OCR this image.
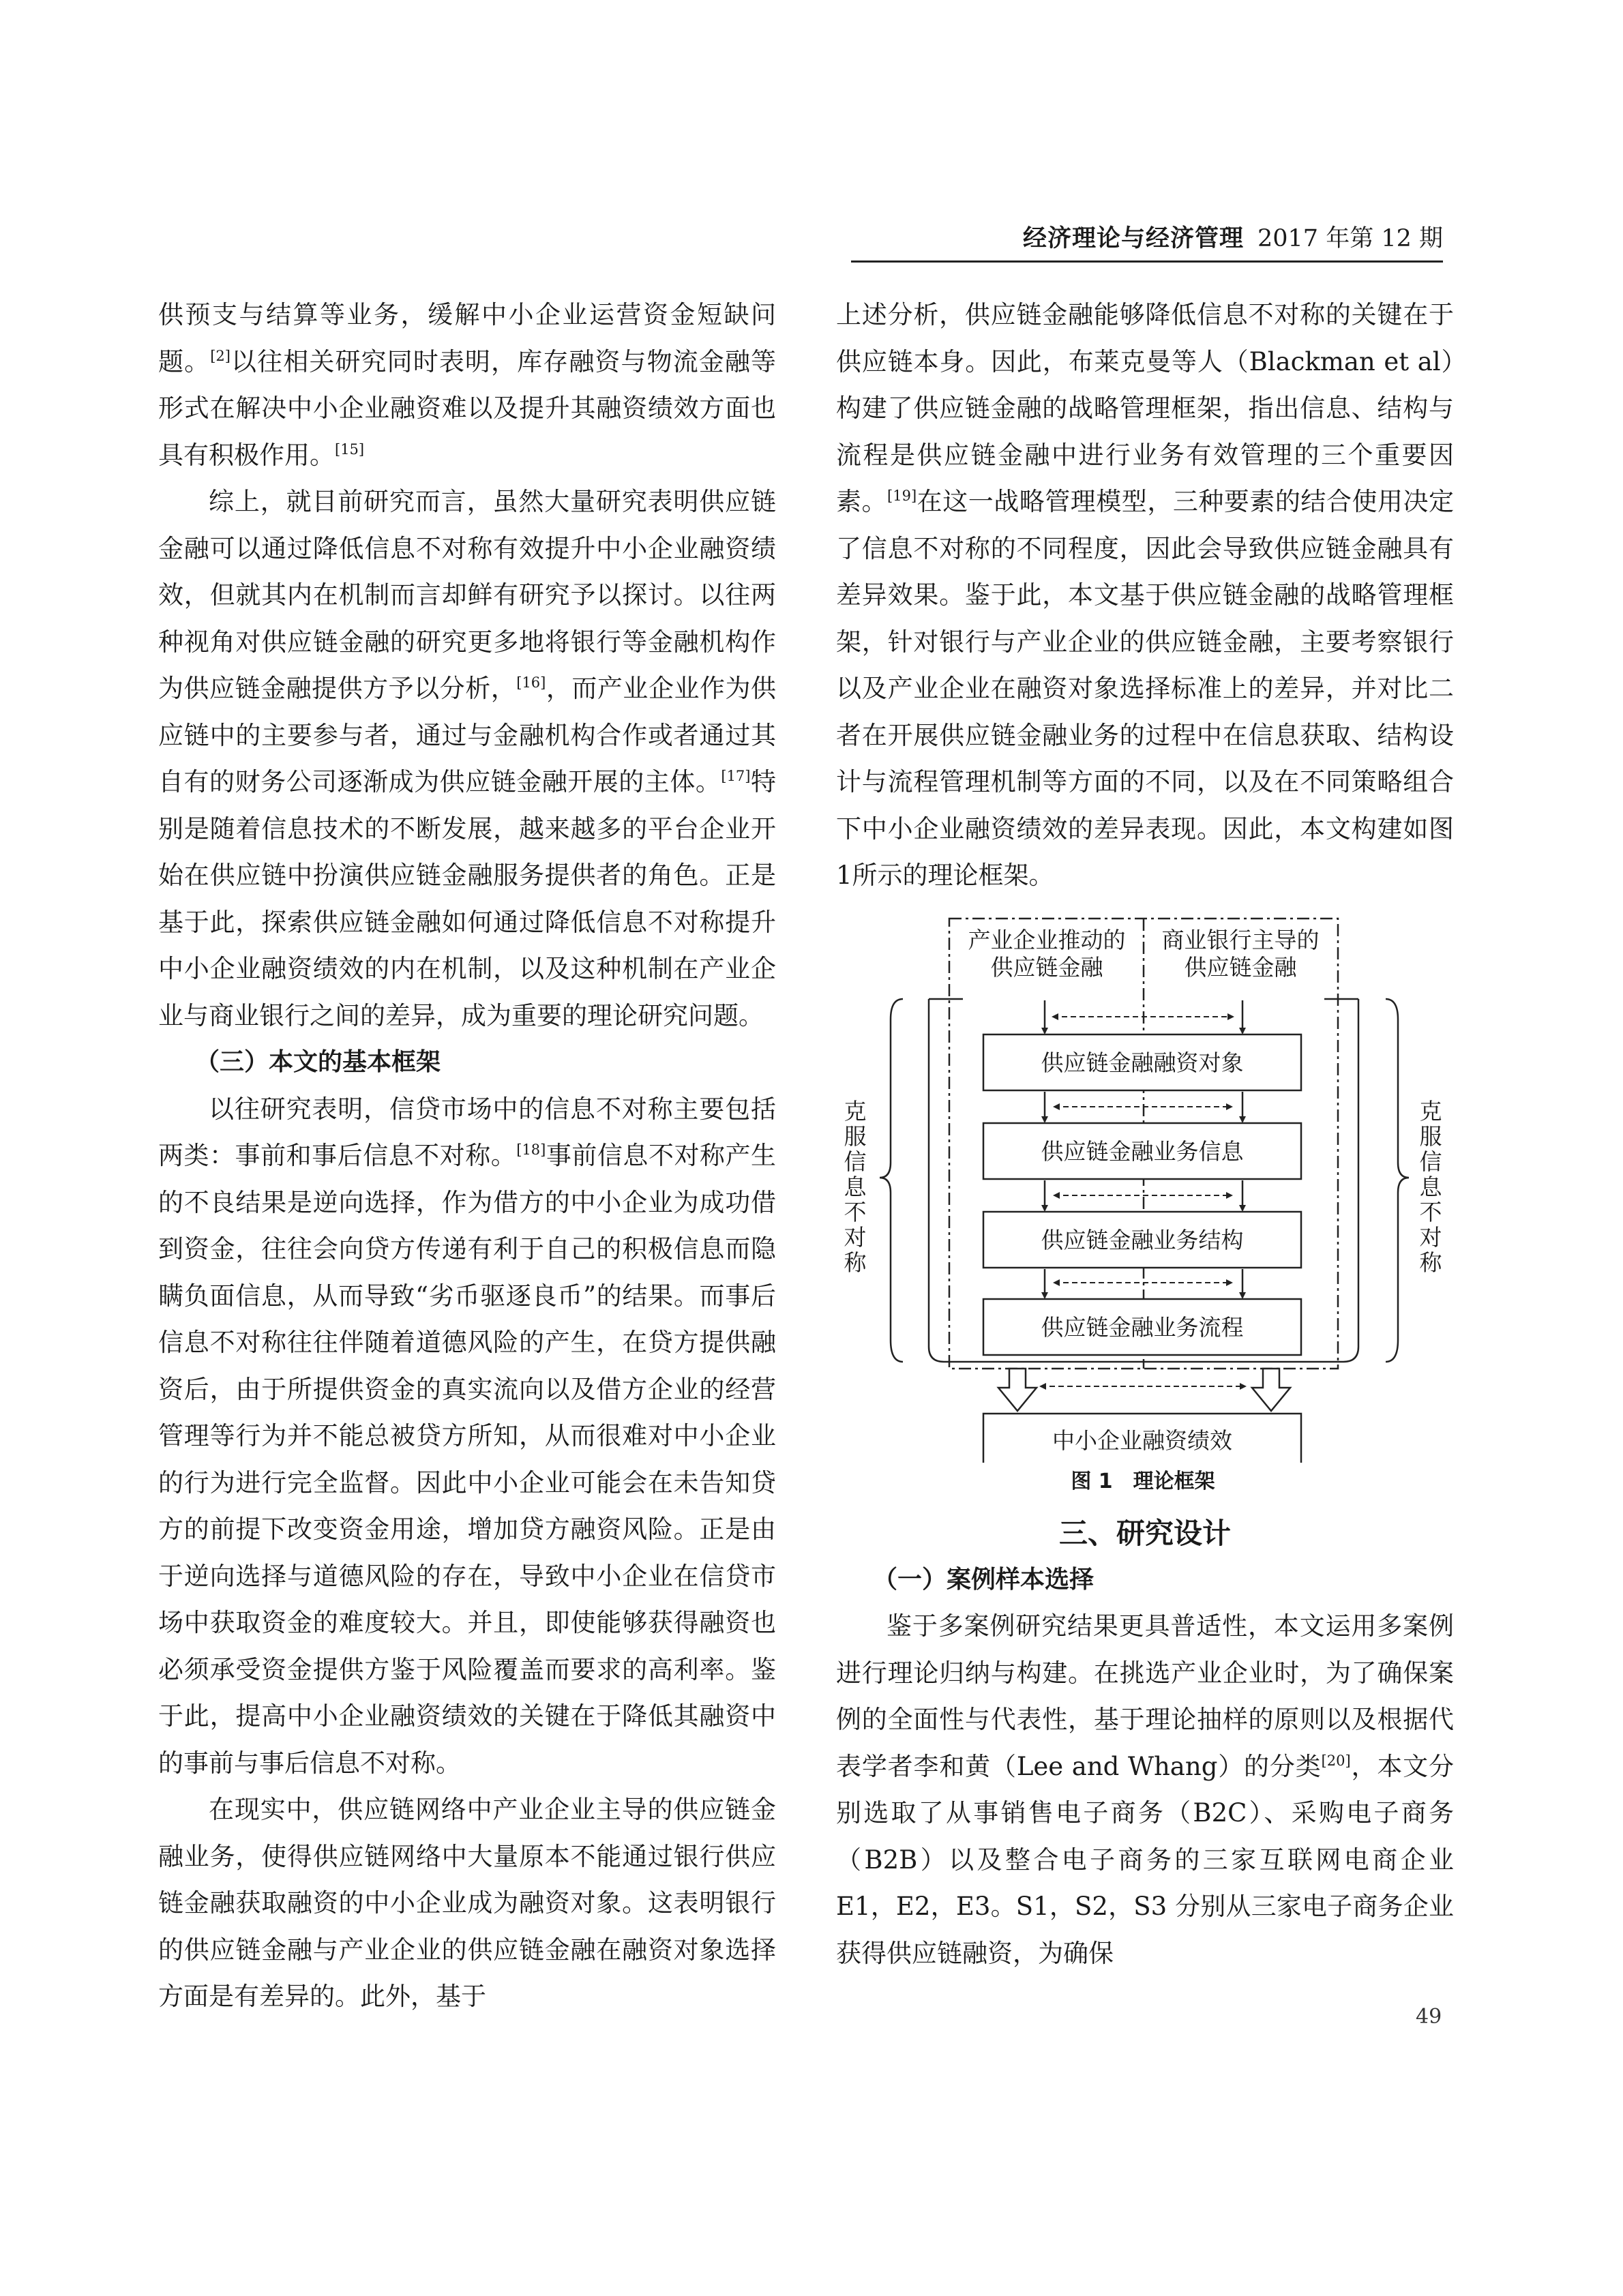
经济理论与经济管理 2017 年第 12 期

供预支与结算等业务，缓解中小企业运营资金短缺问题。[2]以往相关研究同时表明，库存融资与物流金融等形式在解决中小企业融资难以及提升其融资绩效方面也具有积极作用。[15]

综上，就目前研究而言，虽然大量研究表明供应链金融可以通过降低信息不对称有效提升中小企业融资绩效，但就其内在机制而言却鲜有研究予以探讨。以往两种视角对供应链金融的研究更多地将银行等金融机构作为供应链金融提供方予以分析，[16]，而产业企业作为供应链中的主要参与者，通过与金融机构合作或者通过其自有的财务公司逐渐成为供应链金融开展的主体。[17]特别是随着信息技术的不断发展，越来越多的平台企业开始在供应链中扮演供应链金融服务提供者的角色。正是基于此，探索供应链金融如何通过降低信息不对称提升中小企业融资绩效的内在机制，以及这种机制在产业企业与商业银行之间的差异，成为重要的理论研究问题。

（三）本文的基本框架

以往研究表明，信贷市场中的信息不对称主要包括两类：事前和事后信息不对称。[18]事前信息不对称产生的不良结果是逆向选择，作为借方的中小企业为成功借到资金，往往会向贷方传递有利于自己的积极信息而隐瞒负面信息，从而导致“劣币驱逐良币”的结果。而事后信息不对称往往伴随着道德风险的产生，在贷方提供融资后，由于所提供资金的真实流向以及借方企业的经营管理等行为并不能总被贷方所知，从而很难对中小企业的行为进行完全监督。因此中小企业可能会在未告知贷方的前提下改变资金用途，增加贷方融资风险。正是由于逆向选择与道德风险的存在，导致中小企业在信贷市场中获取资金的难度较大。并且，即使能够获得融资也必须承受资金提供方鉴于风险覆盖而要求的高利率。鉴于此，提高中小企业融资绩效的关键在于降低其融资中的事前与事后信息不对称。

在现实中，供应链网络中产业企业主导的供应链金融业务，使得供应链网络中大量原本不能通过银行供应链金融获取融资的中小企业成为融资对象。这表明银行的供应链金融与产业企业的供应链金融在融资对象选择方面是有差异的。此外，基于

上述分析，供应链金融能够降低信息不对称的关键在于供应链本身。因此，布莱克曼等人（Blackman et al）构建了供应链金融的战略管理框架，指出信息、结构与流程是供应链金融中进行业务有效管理的三个重要因素。[19]在这一战略管理模型，三种要素的结合使用决定了信息不对称的不同程度，因此会导致供应链金融具有差异效果。鉴于此，本文基于供应链金融的战略管理框架，针对银行与产业企业的供应链金融，主要考察银行以及产业企业在融资对象选择标准上的差异，并对比二者在开展供应链金融业务的过程中在信息获取、结构设计与流程管理机制等方面的不同，以及在不同策略组合下中小企业融资绩效的差异表现。因此，本文构建如图1所示的理论框架。

产业企业推动的供应链金融
商业银行主导的供应链金融
供应链金融融资对象
供应链金融业务信息
供应链金融业务结构
供应链金融业务流程
中小企业融资绩效
克
服
信
息
不
对
称
克
服
信
息
不
对
称
图 1　理论框架

三、研究设计

（一）案例样本选择

鉴于多案例研究结果更具普适性，本文运用多案例进行理论归纳与构建。在挑选产业企业时，为了确保案例的全面性与代表性，基于理论抽样的原则以及根据代表学者李和黄（Lee and Whang）的分类[20]，本文分别选取了从事销售电子商务（B2C）、采购电子商务（B2B）以及整合电子商务的三家互联网电商企业 E1，E2，E3。S1，S2，S3 分别从三家电子商务企业获得供应链融资，为确保

49
